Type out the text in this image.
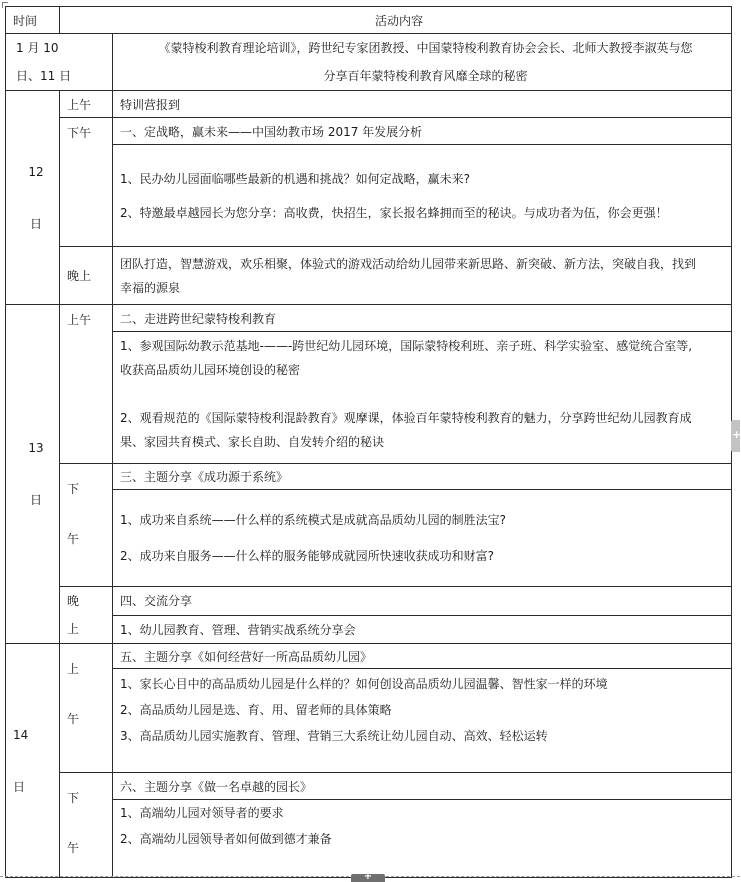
时间	活动内容	

1 月 10
日、11 日		《蒙特梭利教育理论培训》，跨世纪专家团教授、中国蒙特梭利教育协会会长、北师大教授李淑英与您
分享百年蒙特梭利教育风靡全球的秘密

12
日	上午	特训营报到
	下午	一、定战略，赢未来——中国幼教市场 2017 年发展分析

		1、民办幼儿园面临哪些最新的机遇和挑战？如何定战略，赢未来?
2、特邀最卓越园长为您分享：高收费，快招生，家长报名蜂拥而至的秘诀。与成功者为伍，你会更强！

	晚上	团队打造，智慧游戏，欢乐相聚，体验式的游戏活动给幼儿园带来新思路、新突破、新方法，突破自我，找到
幸福的源泉

13
日	上午	二、走进跨世纪蒙特梭利教育

		1、参观国际幼教示范基地-——-跨世纪幼儿园环境，国际蒙特梭利班、亲子班、科学实验室、感觉统合室等,
收获高品质幼儿园环境创设的秘密
2、观看规范的《国际蒙特梭利混龄教育》观摩课，体验百年蒙特梭利教育的魅力，分享跨世纪幼儿园教育成
果、家园共育模式、家长自助、自发转介绍的秘诀

	下
午	三、主题分享《成功源于系统》

		1、成功来自系统——什么样的系统模式是成就高品质幼儿园的制胜法宝?
2、成功来自服务——什么样的服务能够成就园所快速收获成功和财富?

	晚
上	四、交流分享
		1、幼儿园教育、管理、营销实战系统分享会

14
日	上
午	五、主题分享《如何经营好一所高品质幼儿园》

		1、家长心目中的高品质幼儿园是什么样的？如何创设高品质幼儿园温馨、智性家一样的环境
2、高品质幼儿园是选、育、用、留老师的具体策略
3、高品质幼儿园实施教育、管理、营销三大系统让幼儿园自动、高效、轻松运转

	下
午	六、主题分享《做一名卓越的园长》

		1、高端幼儿园对领导者的要求
2、高端幼儿园领导者如何做到德才兼备
+
+
